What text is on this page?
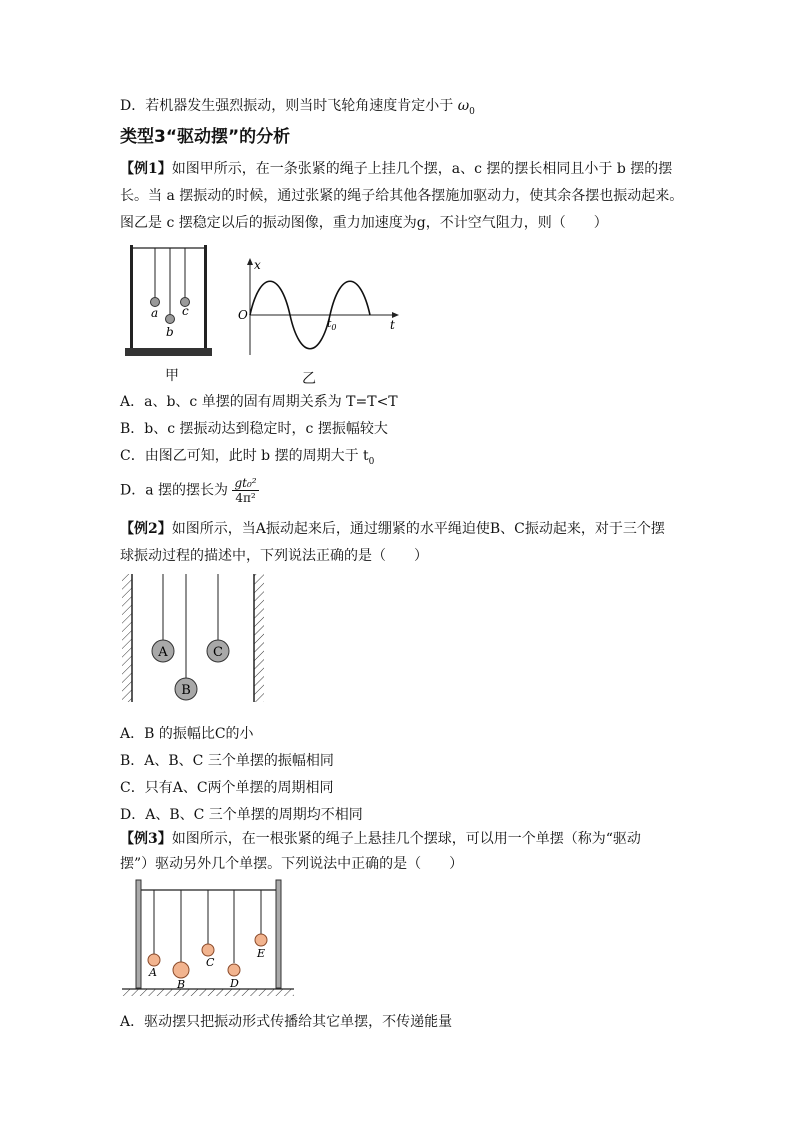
D．若机器发生强烈振动，则当时飞轮角速度肯定小于 $\omega_0$
类型3“驱动摆”的分析
【例1】如图甲所示，在一条张紧的绳子上挂几个摆，a、c 摆的摆长相同且小于 b 摆的摆
长。当 a 摆振动的时候，通过张紧的绳子给其他各摆施加驱动力，使其余各摆也振动起来。
图乙是 c 摆稳定以后的振动图像，重力加速度为g，不计空气阻力，则（　　）
a
b
c
甲
x
O
t
$t_0$
乙
A．a、b、c 单摆的固有周期关系为 T=T<T
B．b、c 摆振动达到稳定时，c 摆振幅较大
C．由图乙可知，此时 b 摆的周期大于 $t_0$
D．a 摆的摆长为 $\frac{\text{gt₀²}}{\text{4π²}}$
【例2】如图所示，当A振动起来后，通过绷紧的水平绳迫使B、C振动起来，对于三个摆
球振动过程的描述中，下列说法正确的是（　　）
A
B
C
A．B 的振幅比C的小
B．A、B、C 三个单摆的振幅相同
C．只有A、C两个单摆的周期相同
D．A、B、C 三个单摆的周期均不相同
【例3】如图所示，在一根张紧的绳子上悬挂几个摆球，可以用一个单摆（称为“驱动
摆”）驱动另外几个单摆。下列说法中正确的是（　　）
A
B
C
D
E
A．驱动摆只把振动形式传播给其它单摆，不传递能量
